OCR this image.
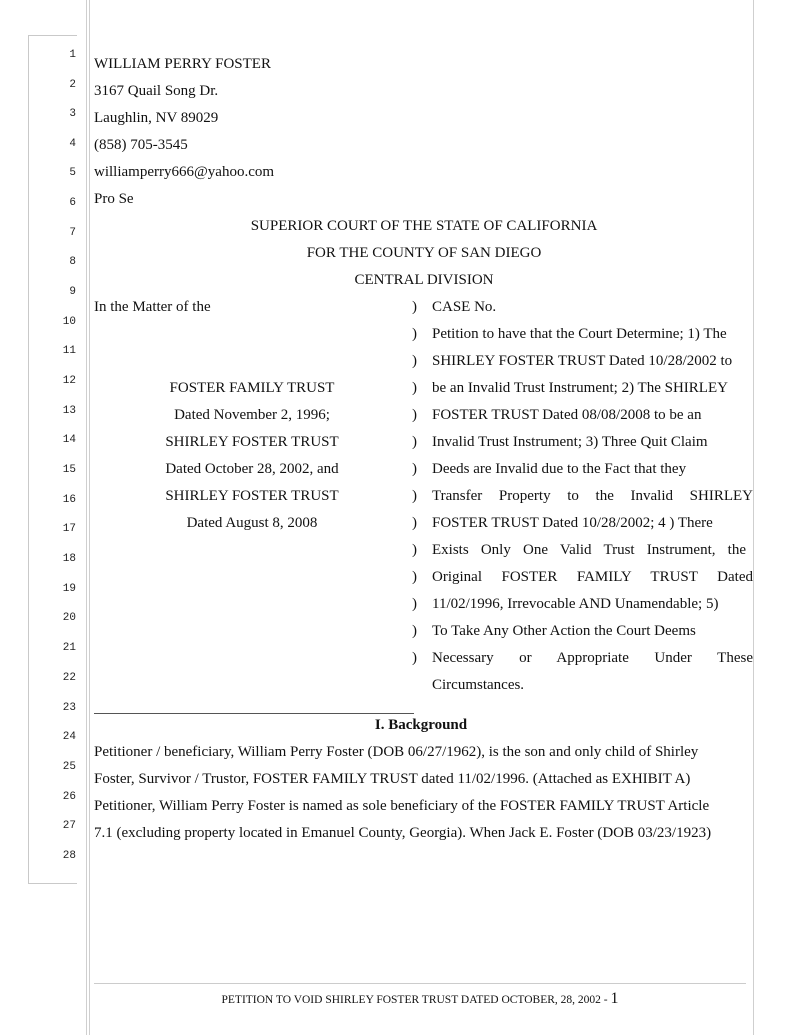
1
2
3
4
5
6
7
8
9
10
11
12
13
14
15
16
17
18
19
20
21
22
23
24
25
26
27
28
WILLIAM PERRY FOSTER
3167 Quail Song Dr.
Laughlin, NV 89029
(858) 705-3545
williamperry666@yahoo.com
Pro Se
SUPERIOR COURT OF THE STATE OF CALIFORNIA
FOR THE COUNTY OF SAN DIEGO
CENTRAL DIVISION
In the Matter of the
FOSTER FAMILY TRUST
Dated November 2, 1996;
SHIRLEY FOSTER TRUST
Dated October 28, 2002, and
SHIRLEY FOSTER TRUST
Dated August 8, 2008
)
)
)
)
)
)
)
)
)
)
)
)
)
)
CASE No.
Petition to have that the Court Determine; 1) The
SHIRLEY FOSTER TRUST Dated 10/28/2002 to
be an Invalid Trust Instrument; 2) The SHIRLEY
FOSTER TRUST Dated 08/08/2008 to be an
Invalid Trust Instrument; 3) Three Quit Claim
Deeds are Invalid due to the Fact that they
Transfer Property to the Invalid SHIRLEY
FOSTER TRUST Dated 10/28/2002; 4 ) There
Exists Only One Valid Trust Instrument, the
Original FOSTER FAMILY TRUST Dated
11/02/1996, Irrevocable AND Unamendable; 5)
To Take Any Other Action the Court Deems
Necessary or Appropriate Under These
Circumstances.
I. Background
Petitioner / beneficiary, William Perry Foster (DOB 06/27/1962), is the son and only child of Shirley
Foster, Survivor / Trustor, FOSTER FAMILY TRUST dated 11/02/1996. (Attached as EXHIBIT A)
Petitioner, William Perry Foster is named as sole beneficiary of the FOSTER FAMILY TRUST Article
7.1 (excluding property located in Emanuel County, Georgia). When Jack E. Foster (DOB 03/23/1923)
PETITION TO VOID SHIRLEY FOSTER TRUST DATED OCTOBER, 28, 2002 - 1
